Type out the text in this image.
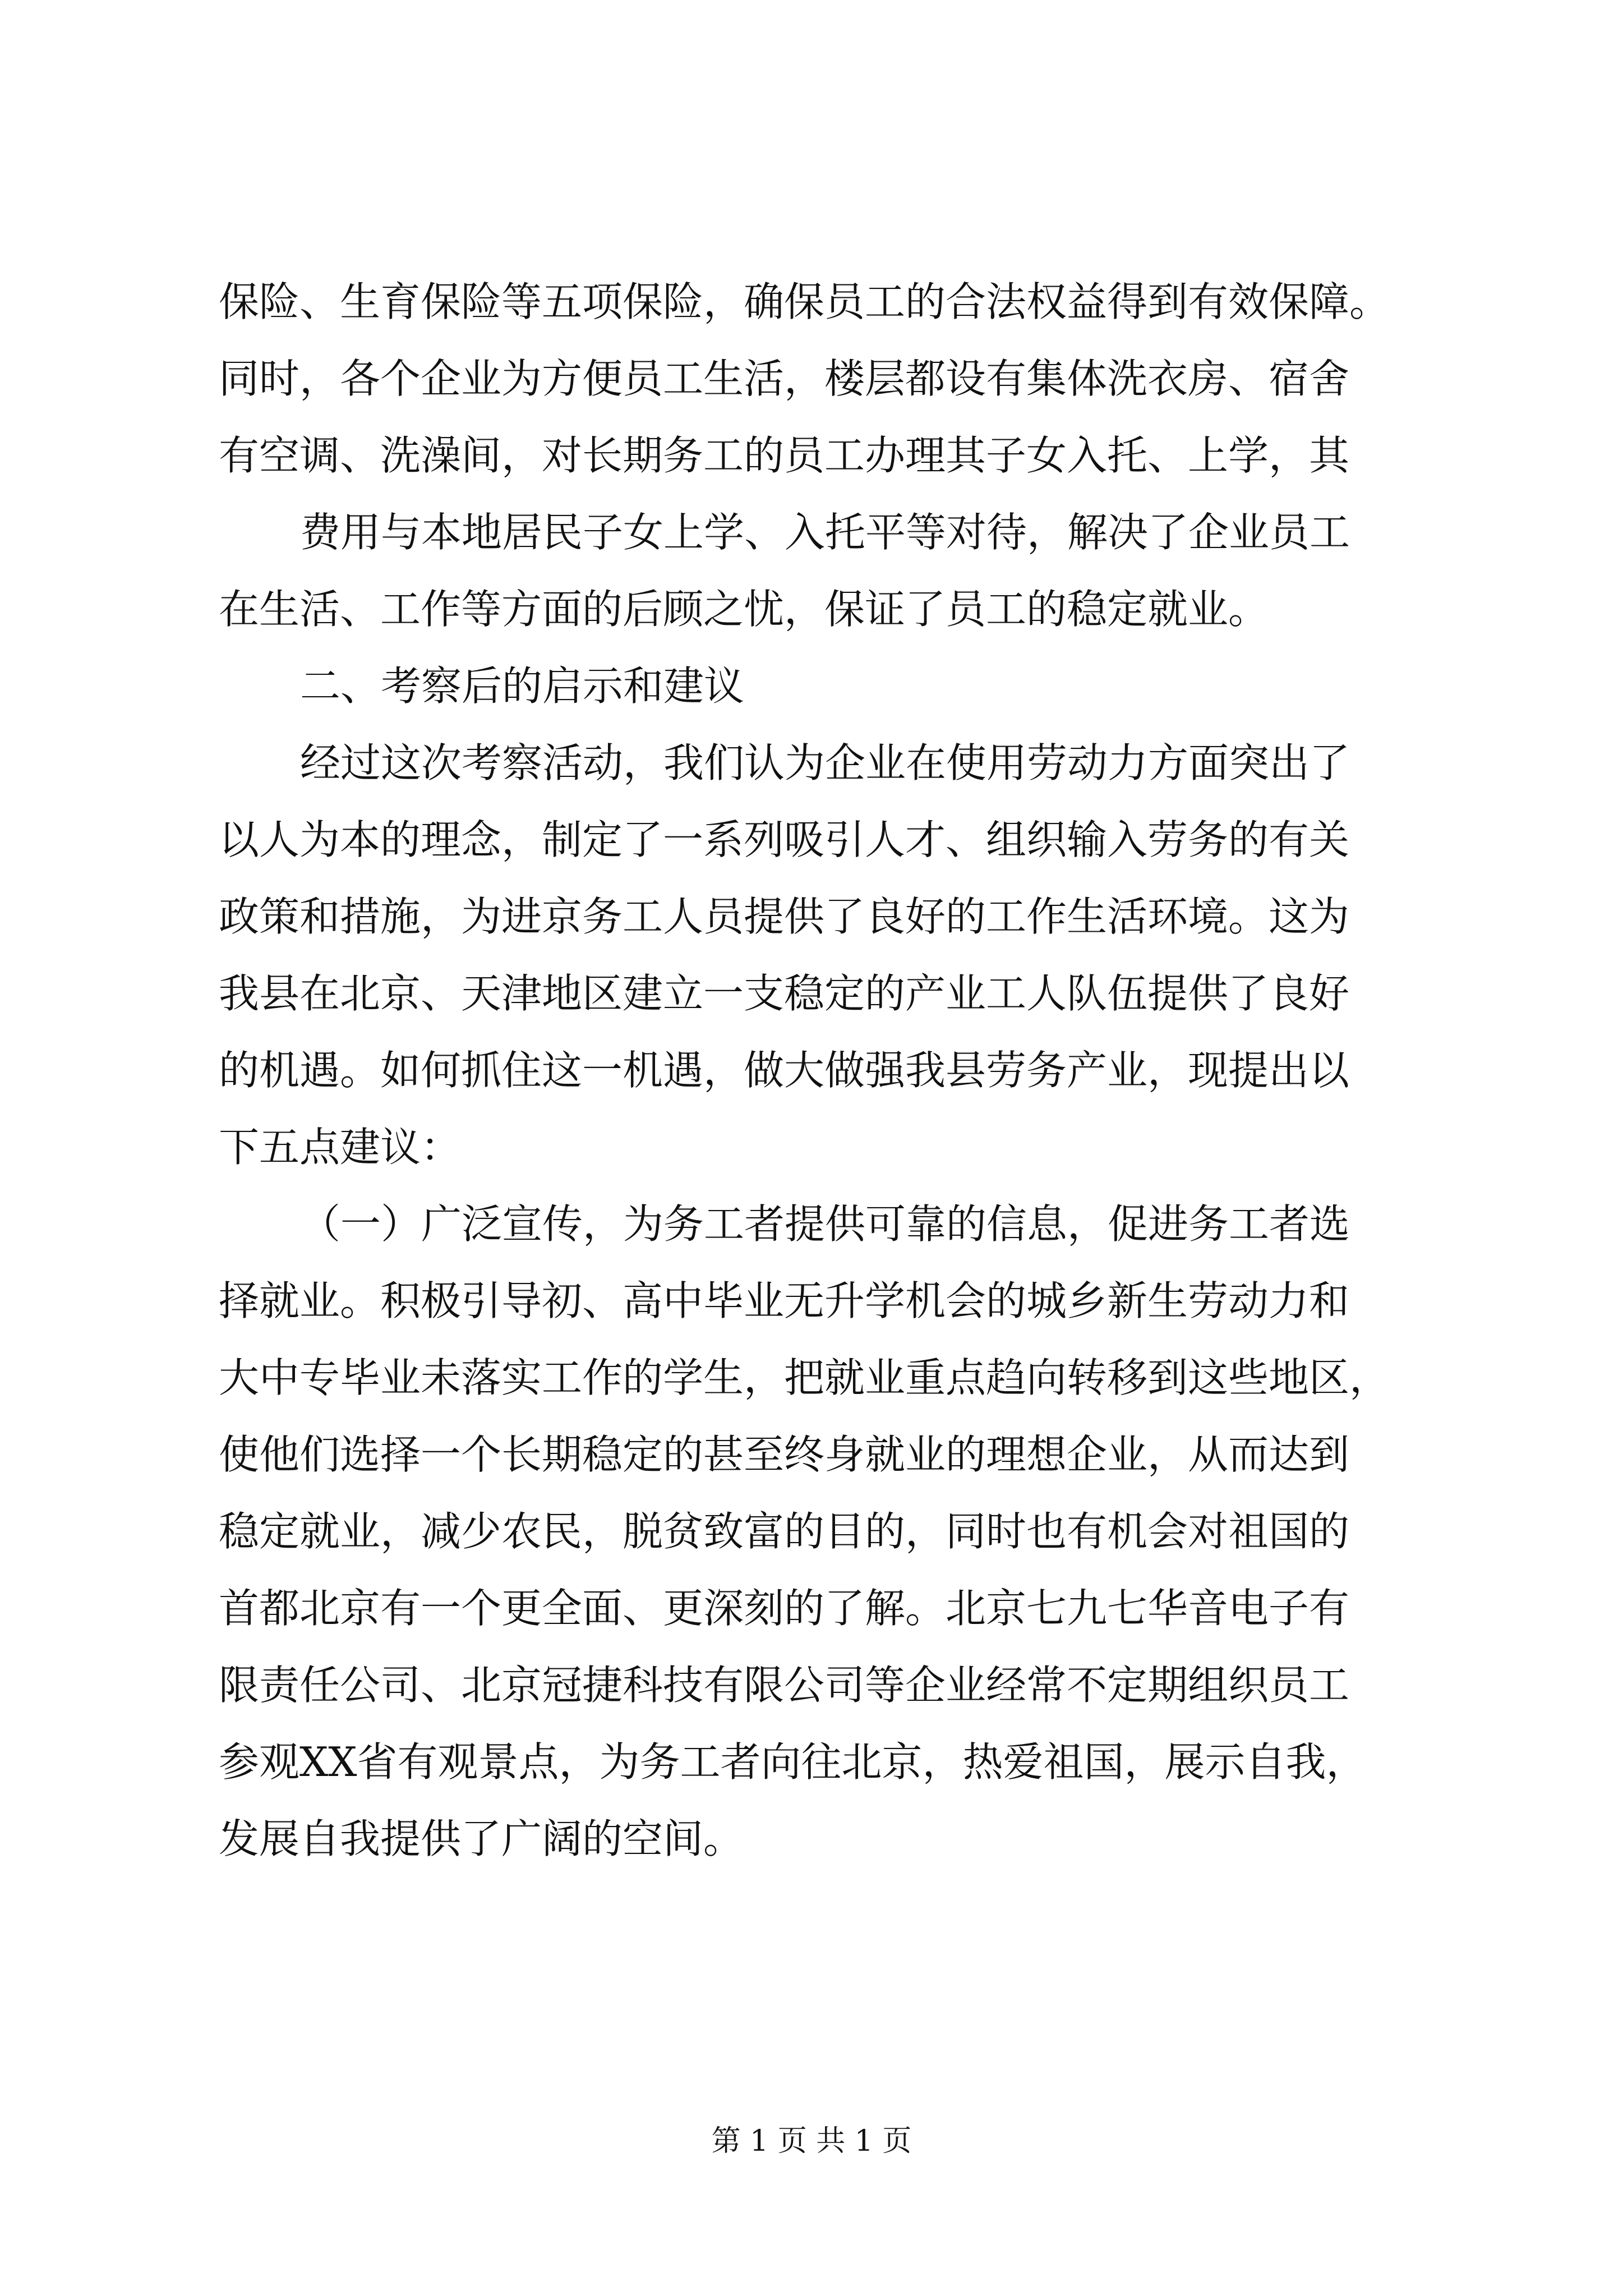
保险、生育保险等五项保险，确保员工的合法权益得到有效保障。
同时，各个企业为方便员工生活，楼层都设有集体洗衣房、宿舍
有空调、洗澡间，对长期务工的员工办理其子女入托、上学，其
费用与本地居民子女上学、入托平等对待，解决了企业员工
在生活、工作等方面的后顾之忧，保证了员工的稳定就业。
二、考察后的启示和建议
经过这次考察活动，我们认为企业在使用劳动力方面突出了
以人为本的理念，制定了一系列吸引人才、组织输入劳务的有关
政策和措施，为进京务工人员提供了良好的工作生活环境。这为
我县在北京、天津地区建立一支稳定的产业工人队伍提供了良好
的机遇。如何抓住这一机遇，做大做强我县劳务产业，现提出以
下五点建议：
（一）广泛宣传，为务工者提供可靠的信息，促进务工者选
择就业。积极引导初、高中毕业无升学机会的城乡新生劳动力和
大中专毕业未落实工作的学生，把就业重点趋向转移到这些地区，
使他们选择一个长期稳定的甚至终身就业的理想企业，从而达到
稳定就业，减少农民，脱贫致富的目的，同时也有机会对祖国的
首都北京有一个更全面、更深刻的了解。北京七九七华音电子有
限责任公司、北京冠捷科技有限公司等企业经常不定期组织员工
参观XX省有观景点，为务工者向往北京，热爱祖国，展示自我，
发展自我提供了广阔的空间。
第 1 页 共 1 页
